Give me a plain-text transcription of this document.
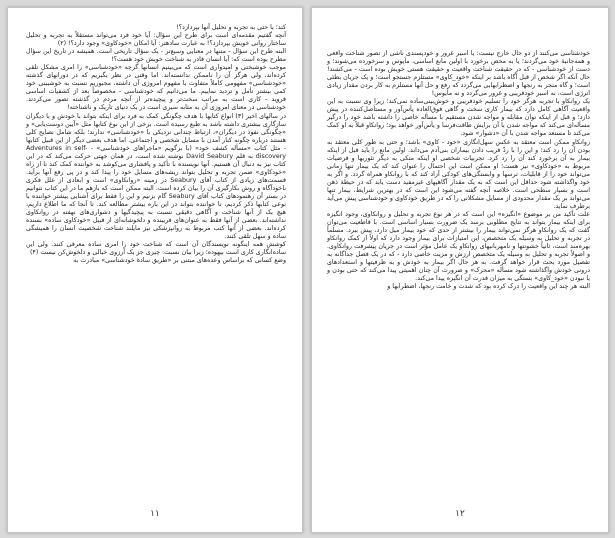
کند؛ یا حتی به تجربه و تحلیل آنها بپردازد؟!
آنچه گفتیم مقدمه‌ای است برای طرح این سؤال: آیا خود فرد می‌تواند مستقلاً به تجربه و تحلیل ساختار روانی خویش بپردازد؟! به عبارت سادهتر: آیا امکان «خودکاوی» وجود دارد؟! (۲)
البته طرح این سؤال - متنها در معنایی وسیع‌تر - یک سؤال تاریخی است. همیشه در تاریخ این سؤال مطرح بوده است که: آیا انسان قادر به شناخت خویش خود هست؟!
موجب خوشبختی و امیدواری است که می‌بینیم انسانها گرچه «خودشناسی» را امری مشکل تلقی کرده‌اند، ولی هرگز آن را ناممکن ندانسته‌اند. اما وقتی در نظر بگیریم که در دورانهای گذشته «خودشناسی» مفهومی کاملاً متفاوت با مفهوم امروزی آن داشته، مجبوریم نسبت به خوشبینی خود کمی بیشتر تأمل و تردید نماییم. ما می‌دانیم که خودشناسی - مخصوصاً بعد از کشفیات اساسی فروید - کاری است به مراتب سخت‌تر و پیچیده‌تر از آنچه مردم در گذشته تصور می‌کردند. خودشناسی در معنای امروزی آن به مثابه سیری است در یک دنیای تاریک و ناشناخته!
در سالهای اخیر (۳) انواع کتابها با هدف چگونگی کمک به فرد برای اینکه بتواند با خودش و با دیگران سازگاری بیشتری داشته باشد به طبع رسیده است. برخی از این نوع کتابها مثل «آیین دوست‌یابی» و «چگونگی نفوذ در دیگران»، ارتباط چندانی نزدیکی با «خودشناسی» ندارند؛ بلکه شامل نصایح کلی هستند درباره چگونه کنار آمدن با مسایل شخصی و اجتماعی. اما هدف بعضی دیگر از این قبیل کتابها - مثل کتاب «مسأله کشف خود» (با برگویم «ماجراهای خودشناسی» - Adventures in self-discovery به قلم David Seabury نوشته شده است، در همان جهتی حرکت می‌کند که در این کتاب نیز به دنبال آن هستیم. آنها نویسنده با تأکید و پافشاری می‌کوشد به خواننده کمک کند تا از راه «خودکاوی» ضمن تجربه و تحلیل بتواند ریشه‌های مسایل خود را پیدا کند و در پی رفع آنها برآید. قسمت‌های زیادی از کتاب آقای Seabury در زمینه «روانکاوی» است و ابعادی از علل فکری ناخودآگاه و روش بکارگیری آن را بیان کرده است. البته ممکن است که بازهم ما در این کتاب نتوانیم در بستر آن رهنمودهای کتاب آقای Seabury گام بزنیم و این را فقط برای آشنایی بیشتر خواننده با نوعی کتابها ذکر کردیم، تا خواننده بتواند در این باره بیشتر مطالعه کند. تا آنجا که ما اطلاع داریم، هیچ یک از آنها شناخت و آگاهی دقیقی نسبت به پیچیدگیها و دشواری‌های نهفته در روانکاوی نداشته‌اند. بعضی از آنها فقط به عنوان‌های فریبنده و دلخوشانه‌ای از قبیل «خودکاوی ساده» بسنده کرده‌اند. بعضی از آنها کتب مربوط به روانپزشکی نیز مایلند شناخت شخصیت انسان را همیشگی ساده و سهل تلقی کنند.
کوشش همه اینگونه نویسندگان آن است که شناخت خود را امری ساده معرفی کنند. ولی این ساده‌انگاری کاری است بیهوده؛ زیرا بیان نسبت: چیزی جز یک آرزوی خیالی و دلخوش‌کن نیست (۴)
وضع کسانی که براساس وعده‌های مبتنی بر «طریق سادهٔ خودشناسی» مبادرت به
۱۱
خودشناسی می‌کنند از دو حال خارج نیست: یا اسیر غرور و خودپسندی ناشی از تصور شناخت واقعی و همه‌جانبهٔ خود می‌گردند؛ یا به محض برخورد با اولین مانع اساسی، مأیوس و سرخورده می‌شوند؛ و دست از خودشناسی - که در حقیقت شناخت واقعیت و حقیقت هستی خویش بوده است - می‌کشند! حال آنکه اگر شخص از قبل آگاه باشد بر اینکه «خود_کاوی» مستلزم جستجو است؛ و یک جریان بطئی است؛ و گاه منجر به رنجها و اضطرابهایی می‌گردد که رفع و حل آنها مستلزم به کار بردن مقدار زیادی انرژی است، نه اسیر خودفریبی و غرور می‌گردد و نه مأیوس!
یک روانکاو با تجربه هرگز خود را تسلیم خودفریبی و خوش‌بینی‌ساده نمی‌کند؛ زیرا وی نسبت به این واقعیت آگاهی کامل دارد که بیمار کاری سخت و گاهی فوق‌العاده یأس‌آور و مستأصل‌کننده در پیش دارد؛ و قبل از اینکه توان مقابله و مواجه شدن مستقیم با مسأله خاصی را داشته باشد خود را درگیر مسأله‌ای می‌کند که مواجه شدن با آن برایش طاقت‌فرسا و یأس‌آور خواهد بود؛ روانکاو قبلاً به او کمک می‌کند تا مستعد مواجه شدن با آن «دشوار» شود.
روانکاو ممکن است معتقد به عکس سهل‌انگاری «خود - کاوی» باشد؛ و حتی به طور کلی معتقد به بودن آن را رد کند؛ و این را با ردّ فریب دادن بیماران بنی‌آدم می‌داند. اولین مانع را باید قبل از اینکه بیمار به آن برخورد کند آن را رد کرد. تجربیات شخصی او اینکه متکی به دیگر تئوریها و فرضیات مربوط به «خودکاوی» نیز هست؛ او ممکن است این احتمال را عنوان کند که یک بیمار تنها زمانی می‌تواند خود را از قابلیات، ترسها و وابستگی‌های کودکی آزاد کند که با روانکاو همراه گردد. و اگر به خود واگذاشته شود حداقل این است که به یک مقدار آگاهیهای غیرمفید دست یابد که در حیطهٔ ذهن است و بسیار سطحی است. خلاصه آنچه گفته می‌شود این است که در بهترین شرایط، بیمار تنها می‌تواند بر یک مقدار محدودی از مسایل مشکلاتی را که در طریق خودکاوی و خودشناسی پیش می‌آید برطرف نماید.
علت تأکید من بر موضوع «انگیزه» این است که در هر نوع تجربه و تحلیل و روانکاوی، وجود انگیزه برای اینکه بیمار بتواند به نتایج مطلوبی برسد یک ضرورت بسیار اساسی است. با قاطعیت می‌توان گفت که یک روانکاو هرگز نمی‌تواند بیمار را بیشتر از حدی که خود بیمار میل دارد، پیش ببرد. مسلماً در تجربه و تحلیل به وسیله یک متخصص، این امتیازات برای بیمار وجود دارد که اولاً از کمک روانکاو بهره‌مند است، ثانیاً خشونتها و نامهربانیهای روانکاو یک عامل مؤثر است در جریان پیشرفت روانکاوی. و اصولاً تجربه و تحلیل به وسیله یک متخصص ارزش و مزیت خاصی دارد - که در یک فصل جداگانه به تفصیل مورد بحث قرار خواهد گرفت. به هر حال اگر بیمار به خودش و به ظرفیتها و استعدادهای درونی خودش واگذاشته شود مسأله «محرک» و ضرورت آن چنان اهمیتی پیدا می‌کند که حتی بودن و یا نبودن «خود_کاوی» بستگی به میزان قدرت آن انگیزه پیدا می‌کند.
البته هر چند این واقعیت را درک کرده بود که شدت و خامت رنجها، اضطرابها و
۱۲
